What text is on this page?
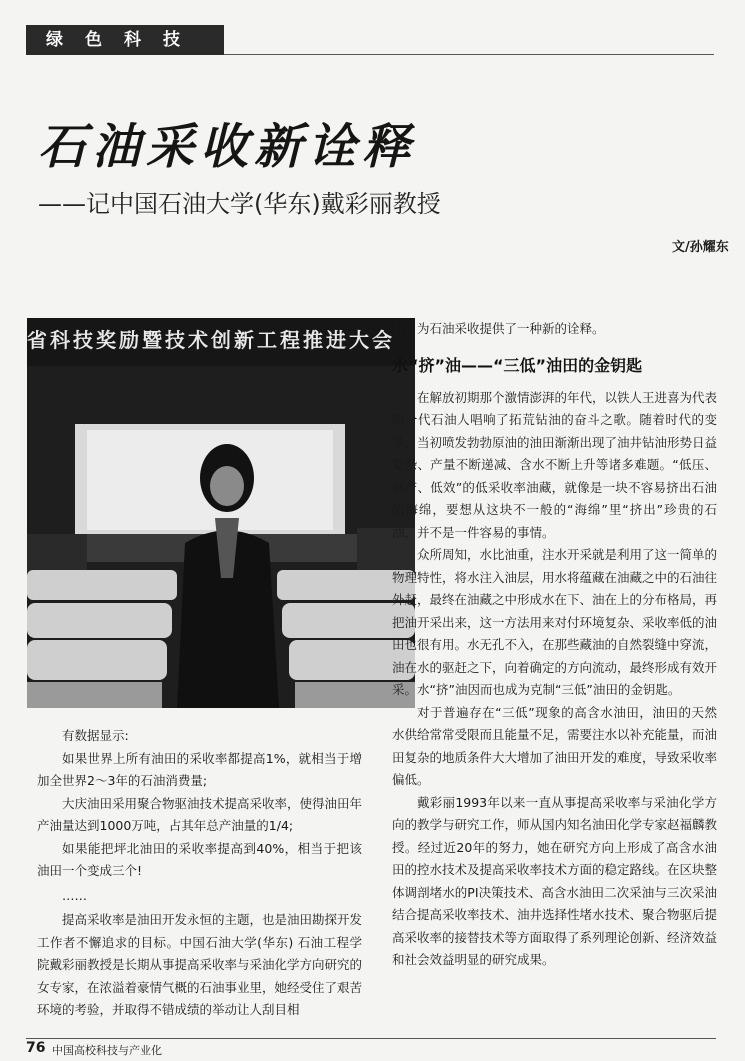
绿色科技
石油采收新诠释
——记中国石油大学(华东)戴彩丽教授
文/孙耀东
省科技奖励暨技术创新工程推进大会

有数据显示:

如果世界上所有油田的采收率都提高1%，就相当于增加全世界2～3年的石油消费量;

大庆油田采用聚合物驱油技术提高采收率，使得油田年产油量达到1000万吨，占其年总产油量的1/4;

如果能把坪北油田的采收率提高到40%，相当于把该油田一个变成三个!

……

提高采收率是油田开发永恒的主题，也是油田勘探开发工作者不懈追求的目标。中国石油大学(华东) 石油工程学院戴彩丽教授是长期从事提高采收率与采油化学方向研究的女专家，在浓溢着豪情气概的石油事业里，她经受住了艰苦环境的考验，并取得不错成绩的举动让人刮目相

看，为石油采收提供了一种新的诠释。

水“挤”油——“三低”油田的金钥匙

在解放初期那个激情澎湃的年代，以铁人王进喜为代表的一代石油人唱响了拓荒钻油的奋斗之歌。随着时代的变革，当初喷发勃勃原油的油田渐渐出现了油井钻油形势日益复杂、产量不断递减、含水不断上升等诸多难题。“低压、低产、低效”的低采收率油藏，就像是一块不容易挤出石油的海绵，要想从这块不一般的“海绵”里“挤出”珍贵的石油，并不是一件容易的事情。

众所周知，水比油重，注水开采就是利用了这一简单的物理特性，将水注入油层，用水将蕴藏在油藏之中的石油往外赶，最终在油藏之中形成水在下、油在上的分布格局，再把油开采出来，这一方法用来对付环境复杂、采收率低的油田也很有用。水无孔不入，在那些藏油的自然裂缝中穿流，油在水的驱赶之下，向着确定的方向流动，最终形成有效开采。水“挤”油因而也成为克制“三低”油田的金钥匙。

对于普遍存在“三低”现象的高含水油田，油田的天然水供给常常受限而且能量不足，需要注水以补充能量，而油田复杂的地质条件大大增加了油田开发的难度，导致采收率偏低。

戴彩丽1993年以来一直从事提高采收率与采油化学方向的教学与研究工作，师从国内知名油田化学专家赵福麟教授。经过近20年的努力，她在研究方向上形成了高含水油田的控水技术及提高采收率技术方面的稳定路线。在区块整体调剖堵水的PI决策技术、高含水油田二次采油与三次采油结合提高采收率技术、油井选择性堵水技术、聚合物驱后提高采收率的接替技术等方面取得了系列理论创新、经济效益和社会效益明显的研究成果。

76 中国高校科技与产业化
